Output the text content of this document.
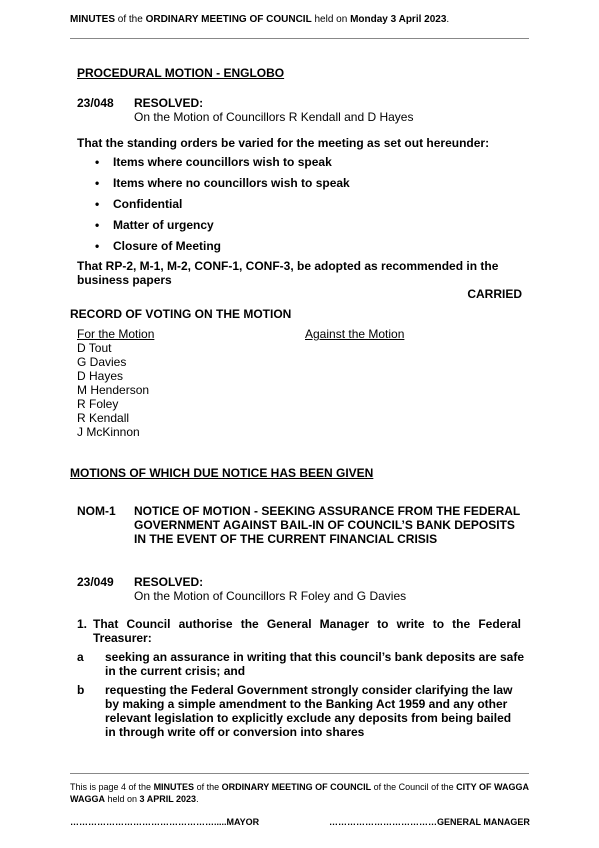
MINUTES of the ORDINARY MEETING OF COUNCIL held on Monday 3 April 2023.
PROCEDURAL MOTION - ENGLOBO
23/048 RESOLVED:
On the Motion of Councillors R Kendall and D Hayes
That the standing orders be varied for the meeting as set out hereunder:
• Items where councillors wish to speak
• Items where no councillors wish to speak
• Confidential
• Matter of urgency
• Closure of Meeting
That RP-2, M-1, M-2, CONF-1, CONF-3, be adopted as recommended in the
business papers
CARRIED
RECORD OF VOTING ON THE MOTION
For the Motion
D Tout
G Davies
D Hayes
M Henderson
R Foley
R Kendall
J McKinnon
Against the Motion
MOTIONS OF WHICH DUE NOTICE HAS BEEN GIVEN
NOM-1 NOTICE OF MOTION - SEEKING ASSURANCE FROM THE FEDERAL
GOVERNMENT AGAINST BAIL-IN OF COUNCIL’S BANK DEPOSITS
IN THE EVENT OF THE CURRENT FINANCIAL CRISIS
23/049 RESOLVED:
On the Motion of Councillors R Foley and G Davies
1. That Council authorise the General Manager to write to the Federal
Treasurer:
a seeking an assurance in writing that this council’s bank deposits are safe
in the current crisis; and
b requesting the Federal Government strongly consider clarifying the law
by making a simple amendment to the Banking Act 1959 and any other
relevant legislation to explicitly exclude any deposits from being bailed
in through write off or conversion into shares
This is page 4 of the MINUTES of the ORDINARY MEETING OF COUNCIL of the Council of the CITY OF WAGGA WAGGA held on 3 APRIL 2023.
………………………………………….....MAYOR	………………………………GENERAL MANAGER
